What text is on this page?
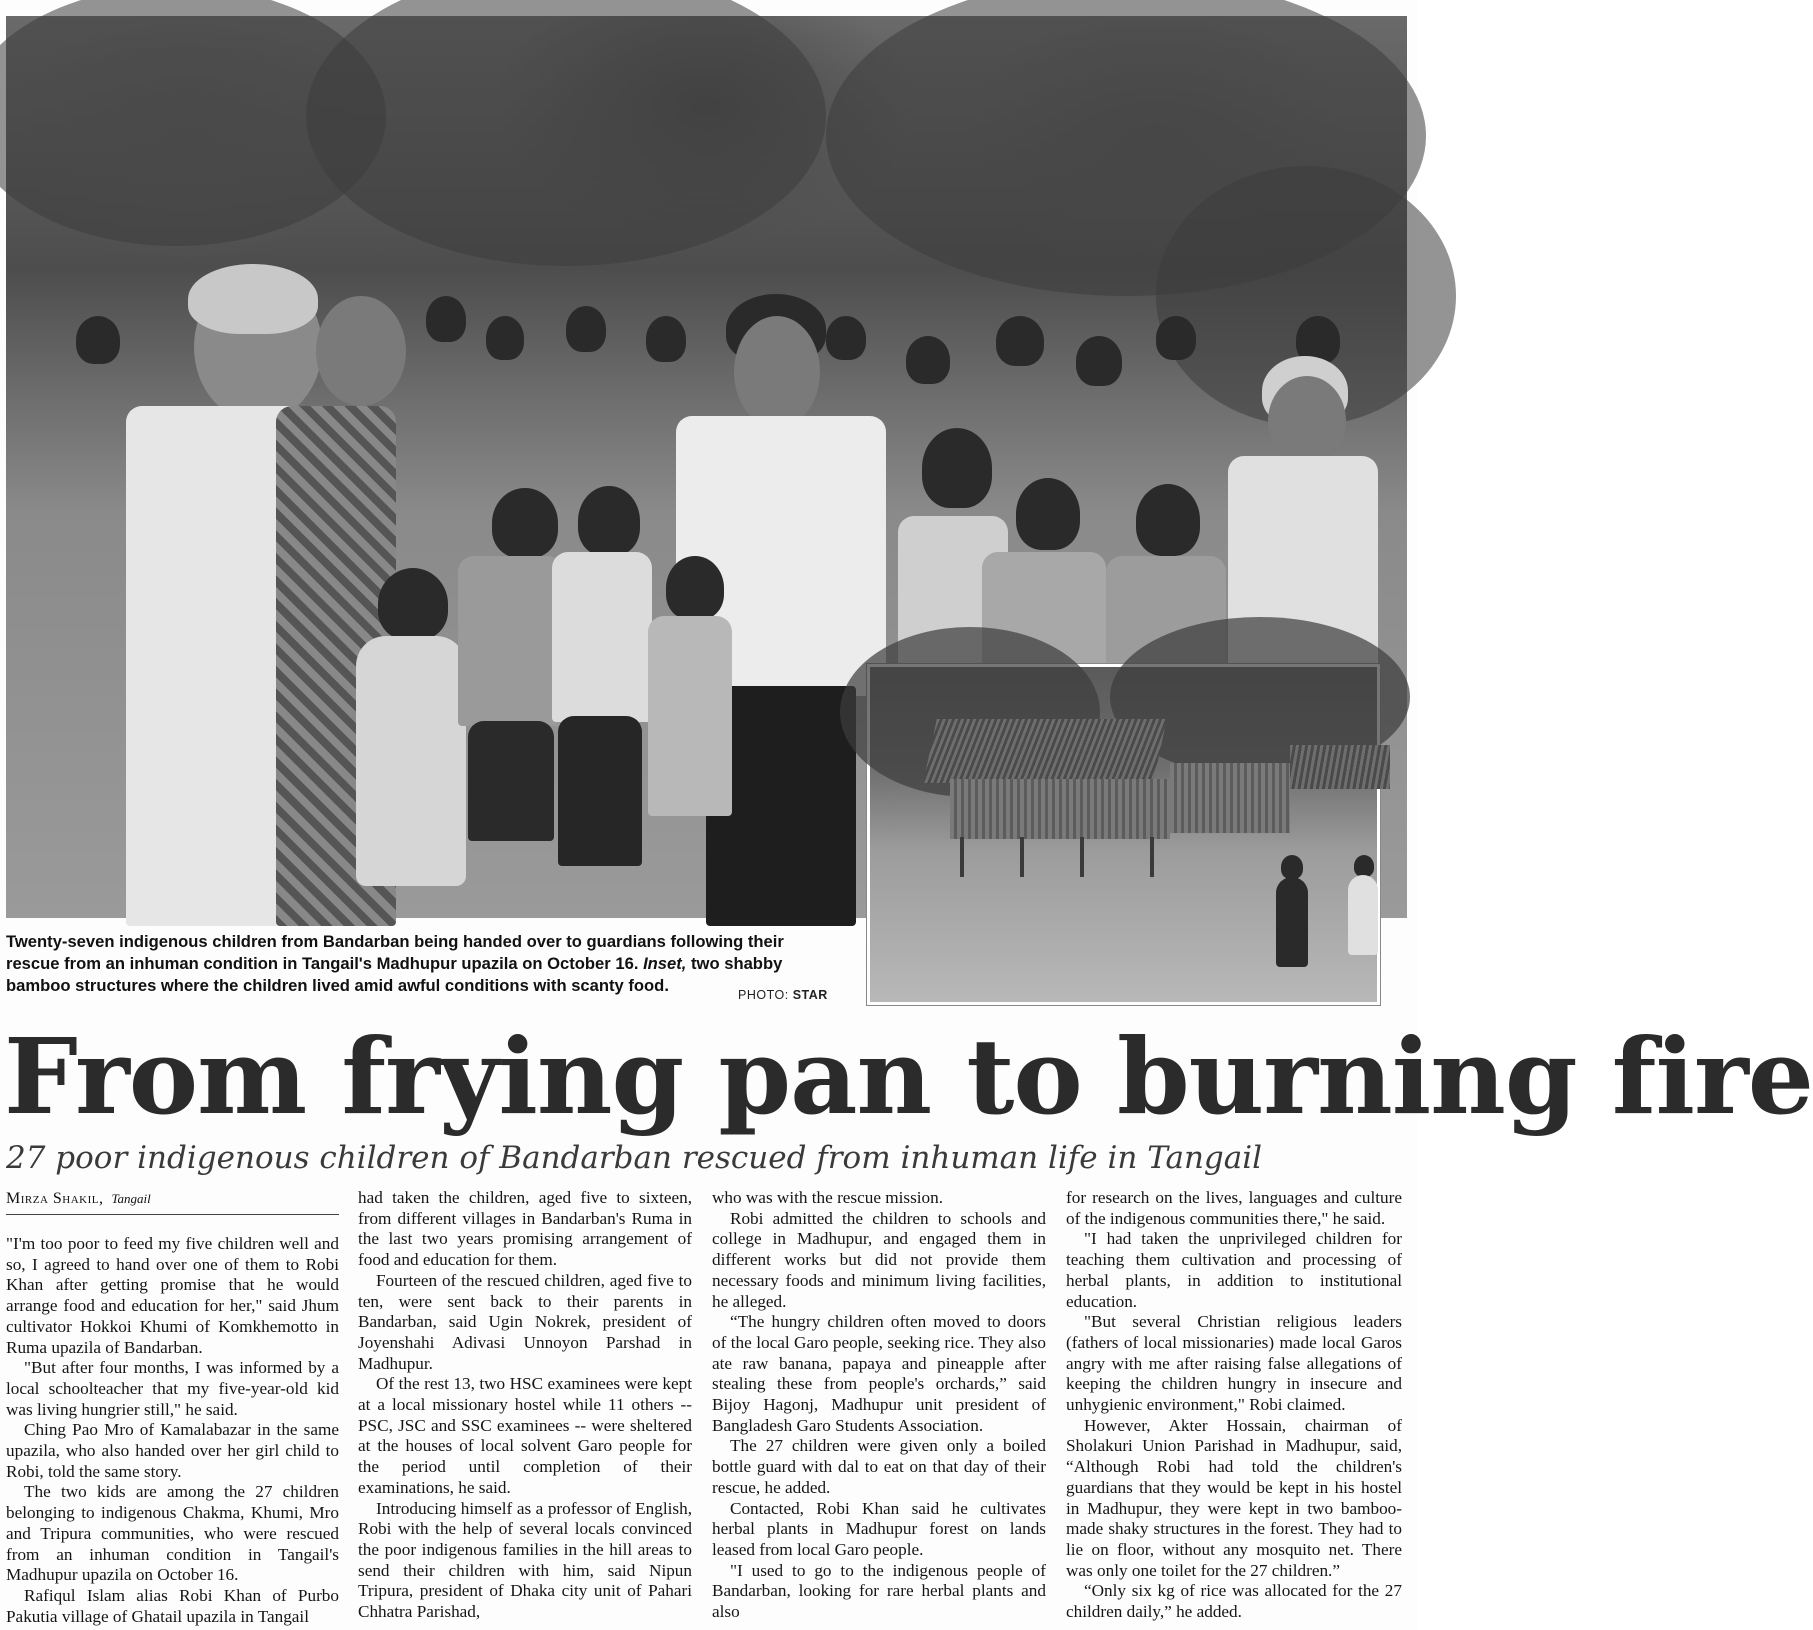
Twenty-seven indigenous children from Bandarban being handed over to guardians following their rescue from an inhuman condition in Tangail's Madhupur upazila on October 16. Inset, two shabby bamboo structures where the children lived amid awful conditions with scanty food.	PHOTO: STAR
From frying pan to burning fire
27 poor indigenous children of Bandarban rescued from inhuman life in Tangail
Mirza Shakil, Tangail

"I'm too poor to feed my five children well and so, I agreed to hand over one of them to Robi Khan after getting promise that he would arrange food and education for her," said Jhum cultivator Hokkoi Khumi of Komkhemotto in Ruma upazila of Bandarban.

"But after four months, I was informed by a local schoolteacher that my five-year-old kid was living hungrier still," he said.

Ching Pao Mro of Kamalabazar in the same upazila, who also handed over her girl child to Robi, told the same story.

The two kids are among the 27 children belonging to indigenous Chakma, Khumi, Mro and Tripura communities, who were rescued from an inhuman condition in Tangail's Madhupur upazila on October 16.

Rafiqul Islam alias Robi Khan of Purbo Pakutia village of Ghatail upazila in Tangail

had taken the children, aged five to sixteen, from different villages in Bandarban's Ruma in the last two years promising arrangement of food and education for them.

Fourteen of the rescued children, aged five to ten, were sent back to their parents in Bandarban, said Ugin Nokrek, president of Joyenshahi Adivasi Unnoyon Parshad in Madhupur.

Of the rest 13, two HSC examinees were kept at a local missionary hostel while 11 others -- PSC, JSC and SSC examinees -- were sheltered at the houses of local solvent Garo people for the period until completion of their examinations, he said.

Introducing himself as a professor of English, Robi with the help of several locals convinced the poor indigenous families in the hill areas to send their children with him, said Nipun Tripura, president of Dhaka city unit of Pahari Chhatra Parishad,

who was with the rescue mission.

Robi admitted the children to schools and college in Madhupur, and engaged them in different works but did not provide them necessary foods and minimum living facilities, he alleged.

“The hungry children often moved to doors of the local Garo people, seeking rice. They also ate raw banana, papaya and pineapple after stealing these from people's orchards,” said Bijoy Hagonj, Madhupur unit president of Bangladesh Garo Students Association.

The 27 children were given only a boiled bottle guard with dal to eat on that day of their rescue, he added.

Contacted, Robi Khan said he cultivates herbal plants in Madhupur forest on lands leased from local Garo people.

"I used to go to the indigenous people of Bandarban, looking for rare herbal plants and also

for research on the lives, languages and culture of the indigenous communities there," he said.

"I had taken the unprivileged children for teaching them cultivation and processing of herbal plants, in addition to institutional education.

"But several Christian religious leaders (fathers of local missionaries) made local Garos angry with me after raising false allegations of keeping the children hungry in insecure and unhygienic environment," Robi claimed.

However, Akter Hossain, chairman of Sholakuri Union Parishad in Madhupur, said, “Although Robi had told the children's guardians that they would be kept in his hostel in Madhupur, they were kept in two bamboo-made shaky structures in the forest. They had to lie on floor, without any mosquito net. There was only one toilet for the 27 children.”

“Only six kg of rice was allocated for the 27 children daily,” he added.
